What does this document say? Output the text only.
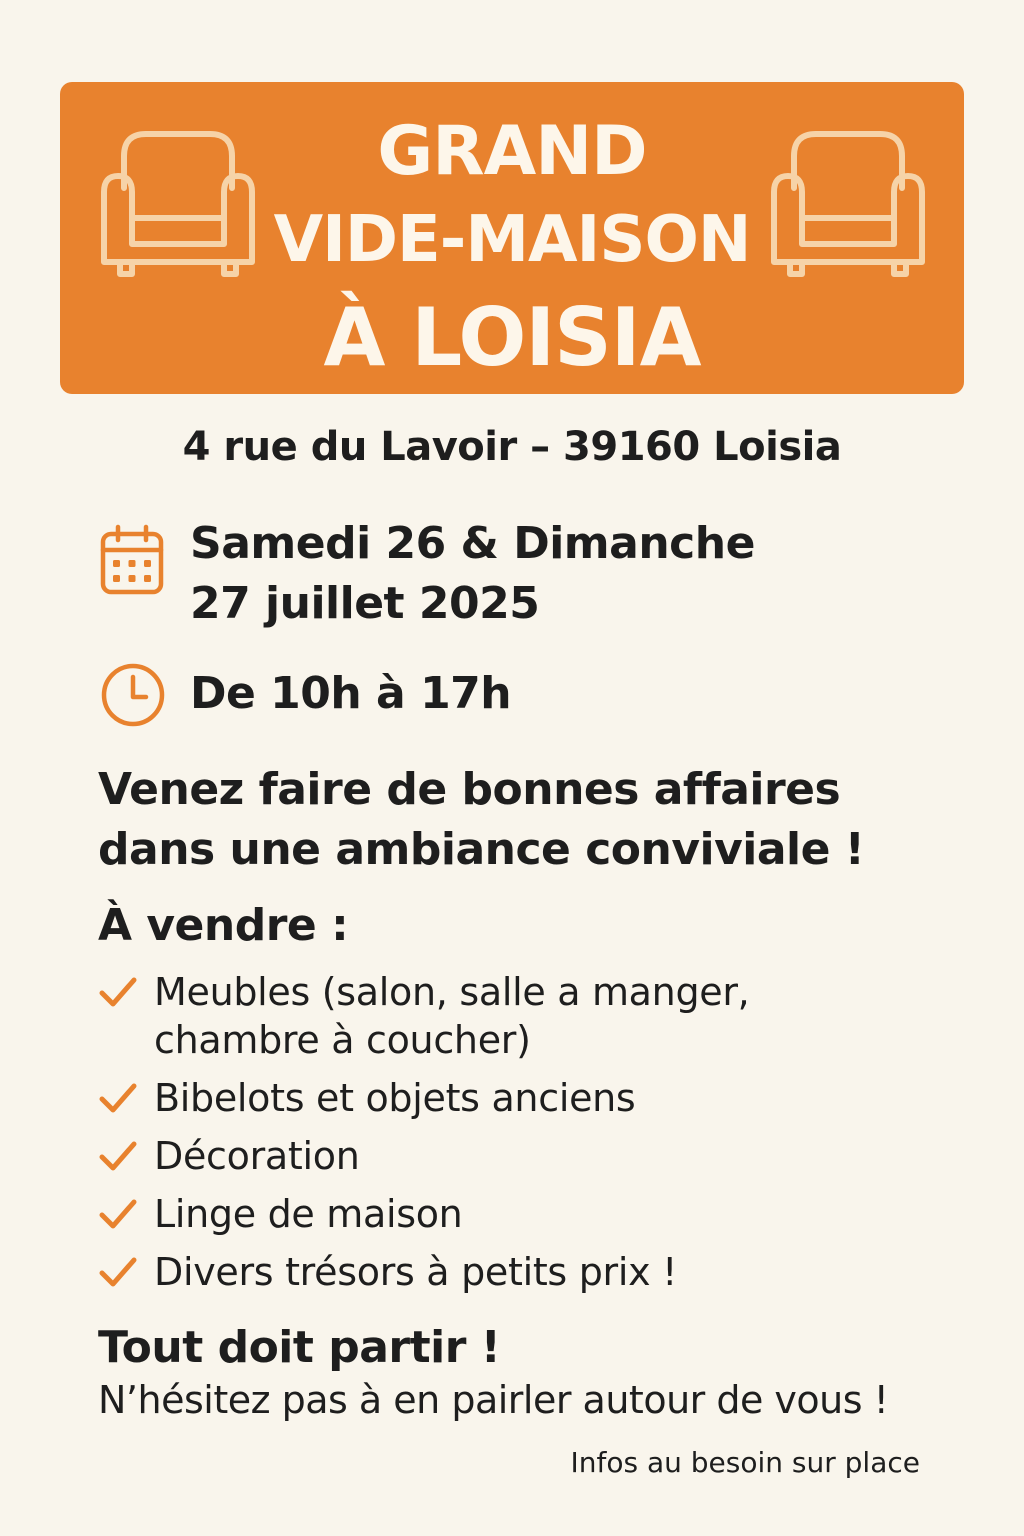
GRAND
VIDE-MAISON
À LOISIA
4 rue du Lavoir – 39160 Loisia
Samedi 26 & Dimanche
27 juillet 2025
De 10h à 17h
Venez faire de bonnes affaires
dans une ambiance conviviale !
À vendre :
Meubles (salon, salle a manger,
chambre à coucher)
Bibelots et objets anciens
Décoration
Linge de maison
Divers trésors à petits prix !
Tout doit partir !
N’hésitez pas à en pairler autour de vous !
Infos au besoin sur place
